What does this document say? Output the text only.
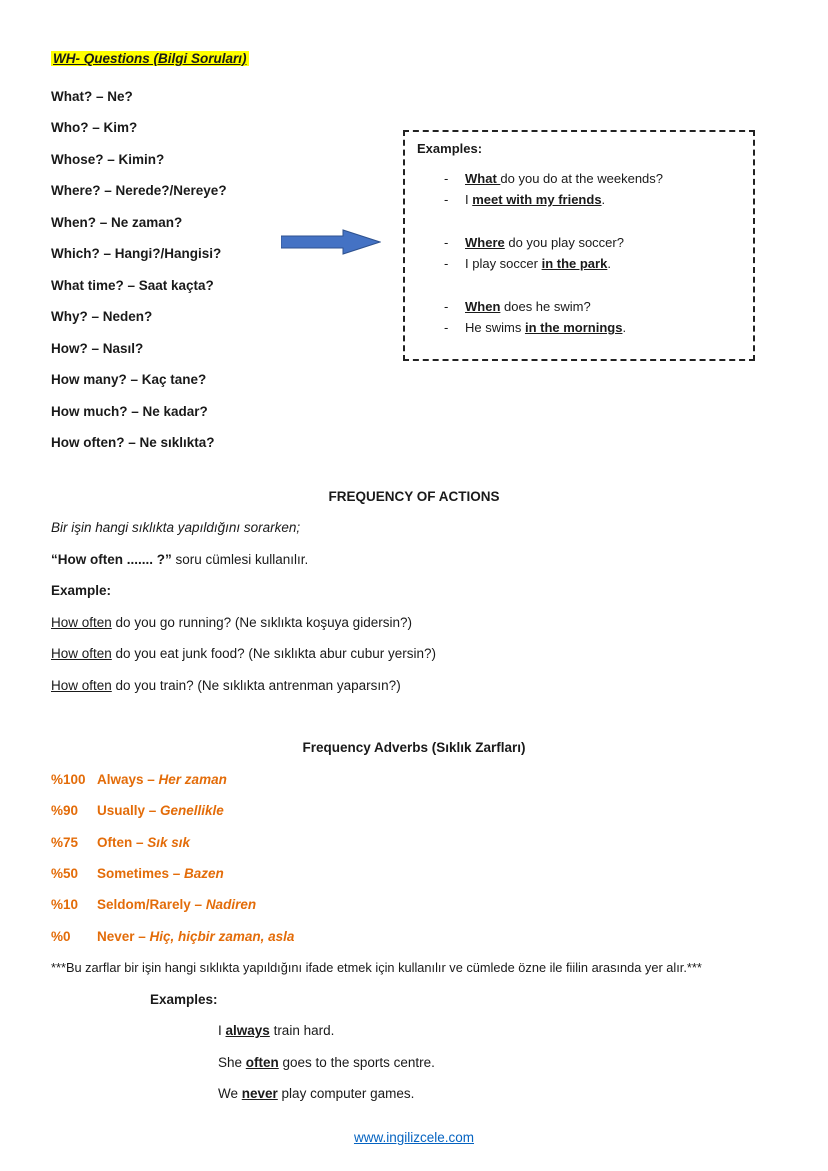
WH- Questions (Bilgi Soruları)
What? – Ne?
Who? – Kim?
Whose? – Kimin?
Where? – Nerede?/Nereye?
When? – Ne zaman?
Which? – Hangi?/Hangisi?
What time? – Saat kaçta?
Why? – Neden?
How? – Nasıl?
How many? – Kaç tane?
How much? – Ne kadar?
How often? – Ne sıklıkta?
Examples:
-	What do you do at the weekends?
-	I meet with my friends.
-	Where do you play soccer?
-	I play soccer in the park.
-	When does he swim?
-	He swims in the mornings.
FREQUENCY OF ACTIONS
Bir işin hangi sıklıkta yapıldığını sorarken;
“How often ....... ?” soru cümlesi kullanılır.
Example:
How often do you go running? (Ne sıklıkta koşuya gidersin?)
How often do you eat junk food? (Ne sıklıkta abur cubur yersin?)
How often do you train? (Ne sıklıkta antrenman yaparsın?)
Frequency Adverbs (Sıklık Zarfları)
%100 Always – Her zaman
%90	Usually – Genellikle
%75	Often – Sık sık
%50	Sometimes – Bazen
%10	Seldom/Rarely – Nadiren
%0	Never – Hiç, hiçbir zaman, asla
***Bu zarflar bir işin hangi sıklıkta yapıldığını ifade etmek için kullanılır ve cümlede özne ile fiilin arasında yer alır.***
Examples:
I always train hard.
She often goes to the sports centre.
We never play computer games.
www.ingilizcele.com
